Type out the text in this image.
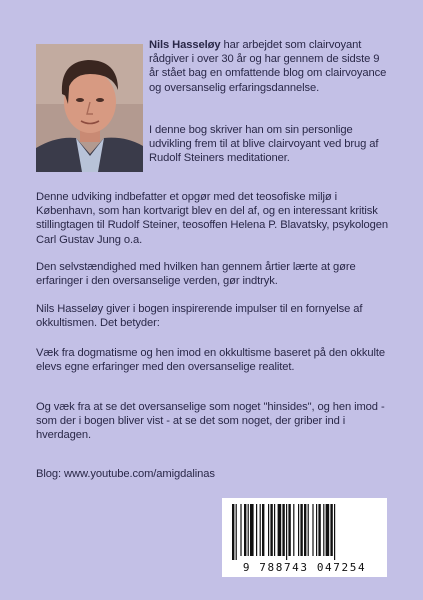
Nils Hasseløy har arbejdet som clairvoyant rådgiver i over 30 år og har gennem de sidste 9 år stået bag en omfattende blog om clairvoyance og oversanselig erfaringsdannelse.

I denne bog skriver han om sin personlige udvikling frem til at blive clairvoyant ved brug af Rudolf Steiners meditationer.

Denne udviking indbefatter et opgør med det teosofiske miljø i København, som han kortvarigt blev en del af, og en interessant kritisk stillingtagen til Rudolf Steiner, teosoffen Helena P. Blavatsky, psykologen Carl Gustav Jung o.a.

Den selvstændighed med hvilken han gennem årtier lærte at gøre erfaringer i den oversanselige verden, gør indtryk.

Nils Hasseløy giver i bogen inspirerende impulser til en fornyelse af okkultismen. Det betyder:

Væk fra dogmatisme og hen imod en okkultisme baseret på den okkulte elevs egne erfaringer med den oversanselige realitet.

Og væk fra at se det oversanselige som noget "hinsides", og hen imod - som der i bogen bliver vist - at se det som noget, der griber ind i hverdagen.

Blog: www.youtube.com/amigdalinas

9 788743 047254
